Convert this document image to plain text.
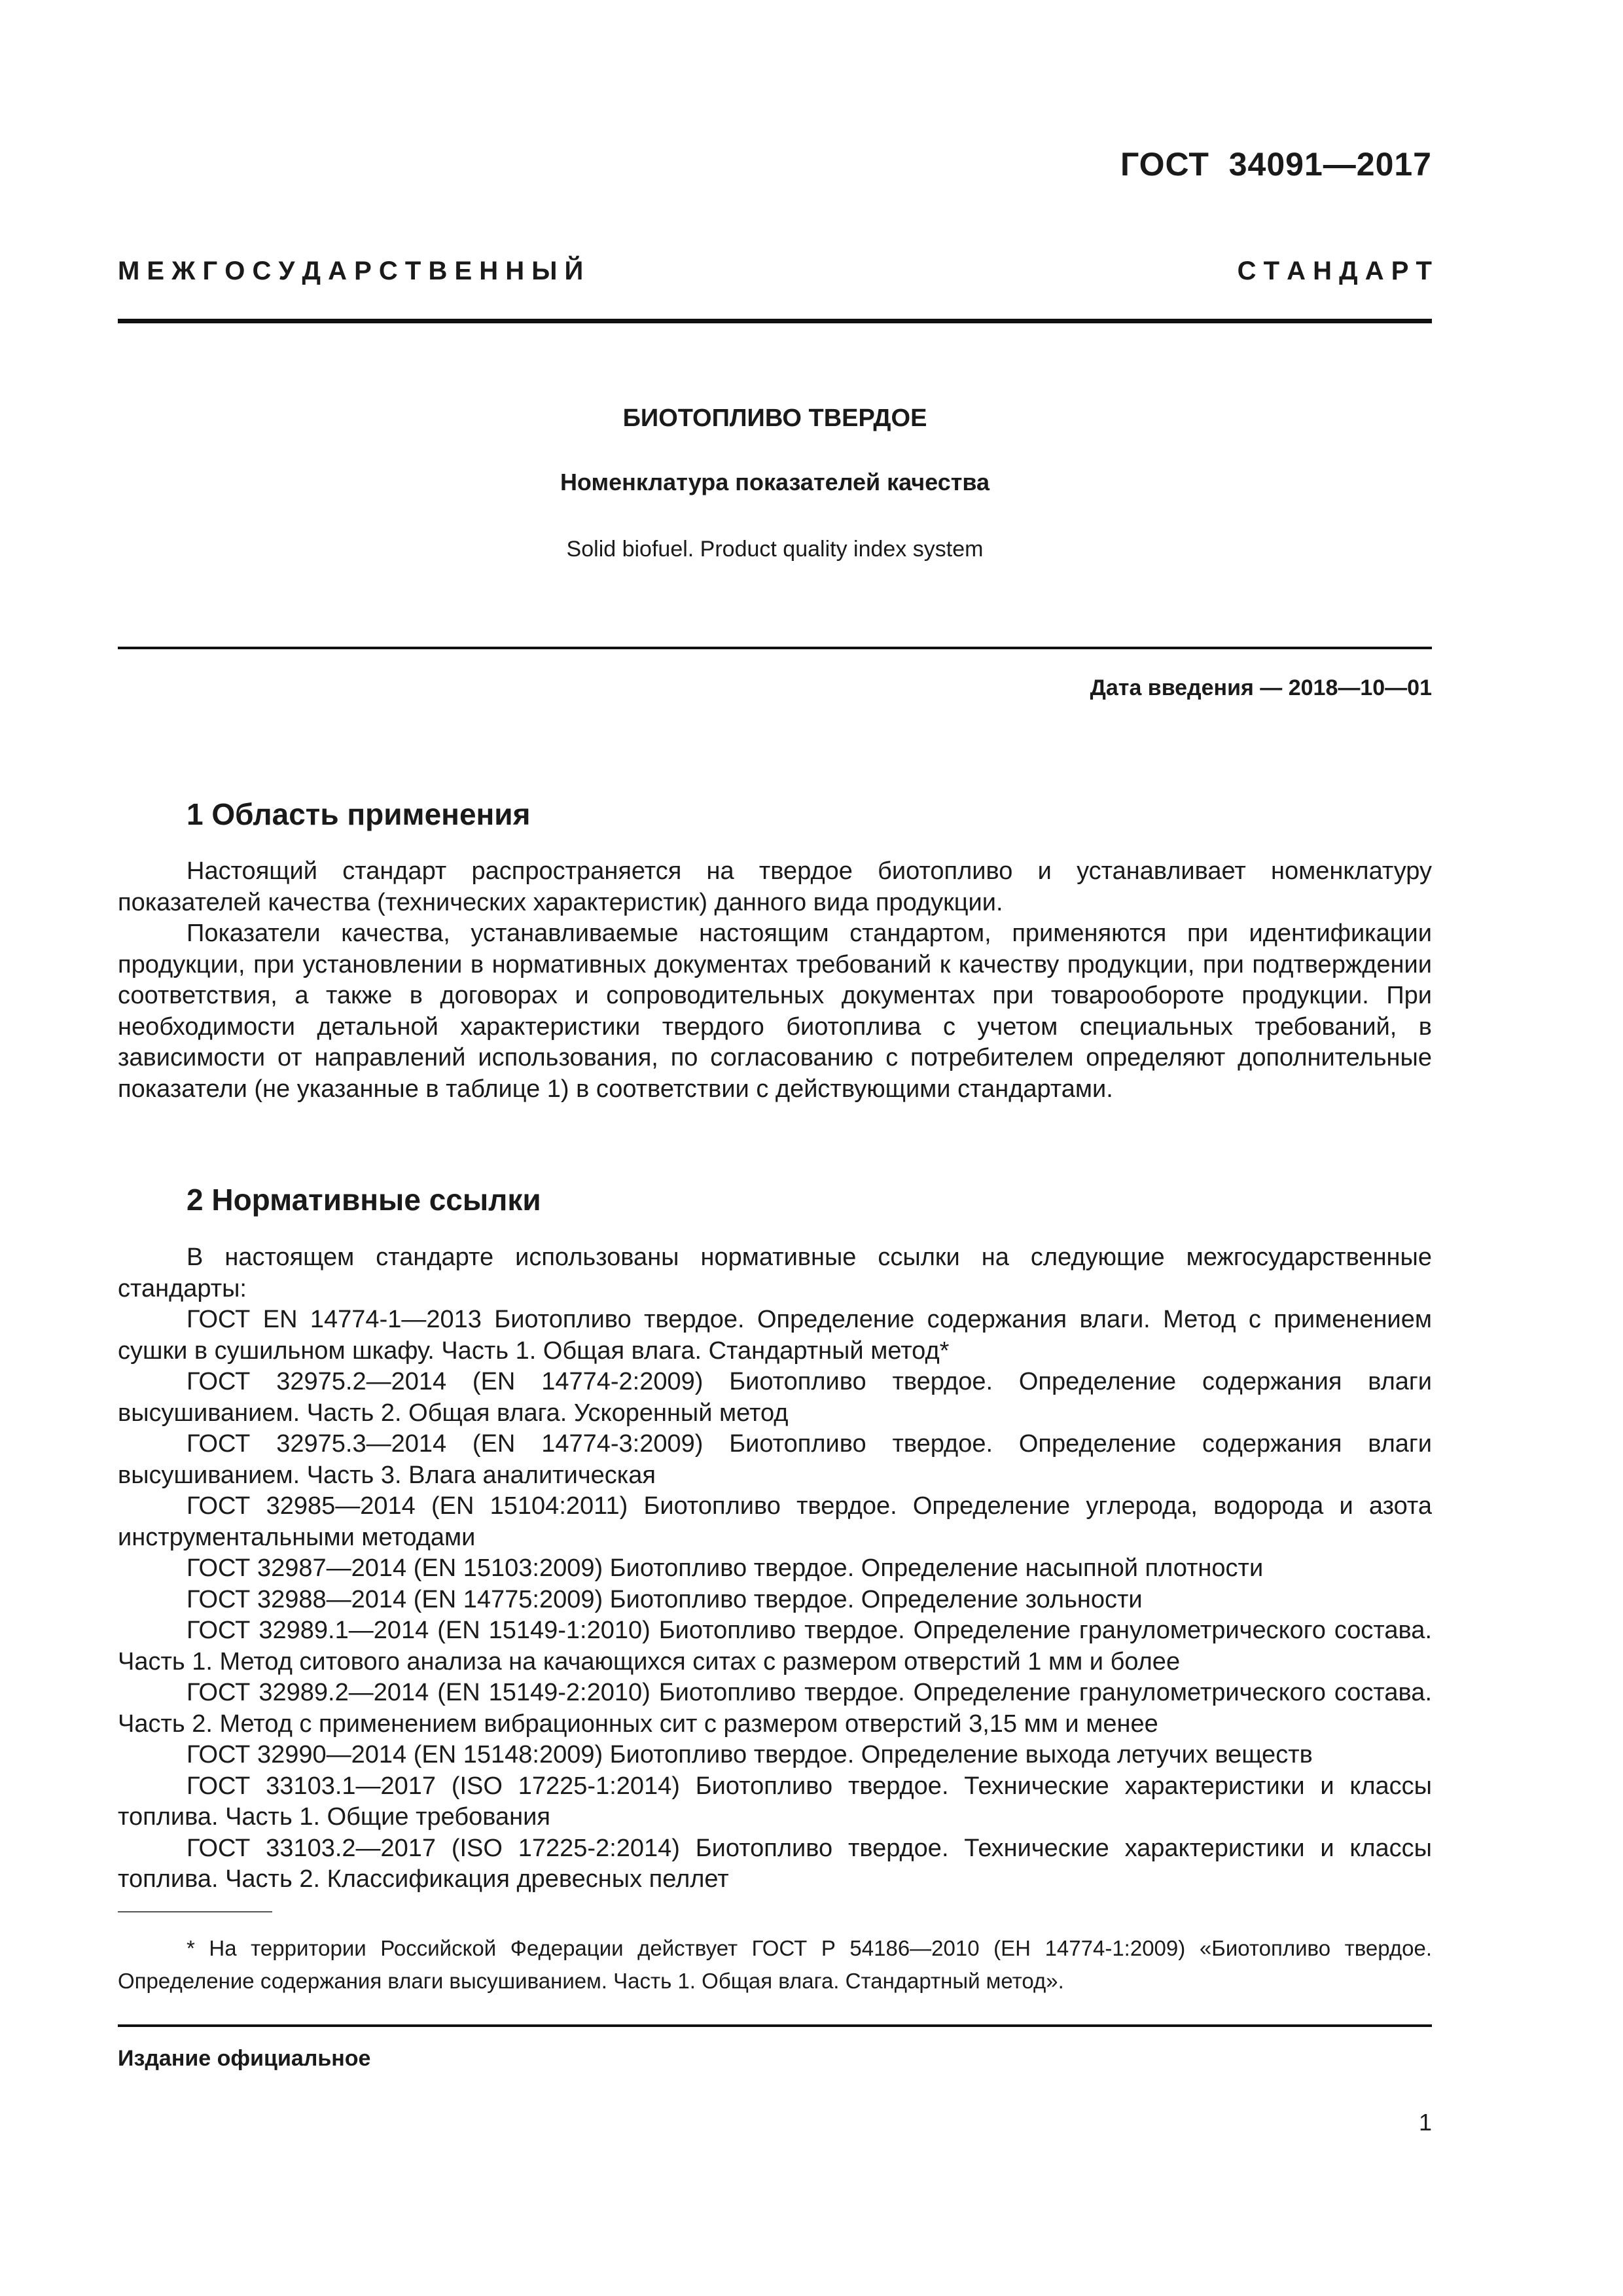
ГОСТ  34091—2017
М Е Ж Г О С У Д А Р С Т В Е Н Н Ы Й	С Т А Н Д А Р Т
БИОТОПЛИВО ТВЕРДОЕ
Номенклатура показателей качества
Solid biofuel. Product quality index system
Дата введения — 2018—10—01
1 Область применения

Настоящий стандарт распространяется на твердое биотопливо и устанавливает номенклатуру показателей качества (технических характеристик) данного вида продукции.

Показатели качества, устанавливаемые настоящим стандартом, применяются при идентификации продукции, при установлении в нормативных документах требований к качеству продукции, при подтверждении соответствия, а также в договорах и сопроводительных документах при товарообороте продукции. При необходимости детальной характеристики твердого биотоплива с учетом специальных требований, в зависимости от направлений использования, по согласованию с потребителем определяют дополнительные показатели (не указанные в таблице 1) в соответствии с действующими стандартами.

2 Нормативные ссылки

В настоящем стандарте использованы нормативные ссылки на следующие межгосударственные стандарты:

ГОСТ EN 14774-1—2013 Биотопливо твердое. Определение содержания влаги. Метод с применением сушки в сушильном шкафу. Часть 1. Общая влага. Стандартный метод*

ГОСТ 32975.2—2014 (EN 14774-2:2009) Биотопливо твердое. Определение содержания влаги высушиванием. Часть 2. Общая влага. Ускоренный метод

ГОСТ 32975.3—2014 (EN 14774-3:2009) Биотопливо твердое. Определение содержания влаги высушиванием. Часть 3. Влага аналитическая

ГОСТ 32985—2014 (EN 15104:2011) Биотопливо твердое. Определение углерода, водорода и азота инструментальными методами

ГОСТ 32987—2014 (EN 15103:2009) Биотопливо твердое. Определение насыпной плотности

ГОСТ 32988—2014 (EN 14775:2009) Биотопливо твердое. Определение зольности

ГОСТ 32989.1—2014 (EN 15149-1:2010) Биотопливо твердое. Определение гранулометрического состава. Часть 1. Метод ситового анализа на качающихся ситах с размером отверстий 1 мм и более

ГОСТ 32989.2—2014 (EN 15149-2:2010) Биотопливо твердое. Определение гранулометрического состава. Часть 2. Метод с применением вибрационных сит с размером отверстий 3,15 мм и менее

ГОСТ 32990—2014 (EN 15148:2009) Биотопливо твердое. Определение выхода летучих веществ

ГОСТ 33103.1—2017 (ISO 17225-1:2014) Биотопливо твердое. Технические характеристики и классы топлива. Часть 1. Общие требования

ГОСТ 33103.2—2017 (ISO 17225-2:2014) Биотопливо твердое. Технические характеристики и классы топлива. Часть 2. Классификация древесных пеллет

* На территории Российской Федерации действует ГОСТ Р 54186—2010 (ЕН 14774-1:2009) «Биотопливо твердое. Определение содержания влаги высушиванием. Часть 1. Общая влага. Стандартный метод».
Издание официальное
1
